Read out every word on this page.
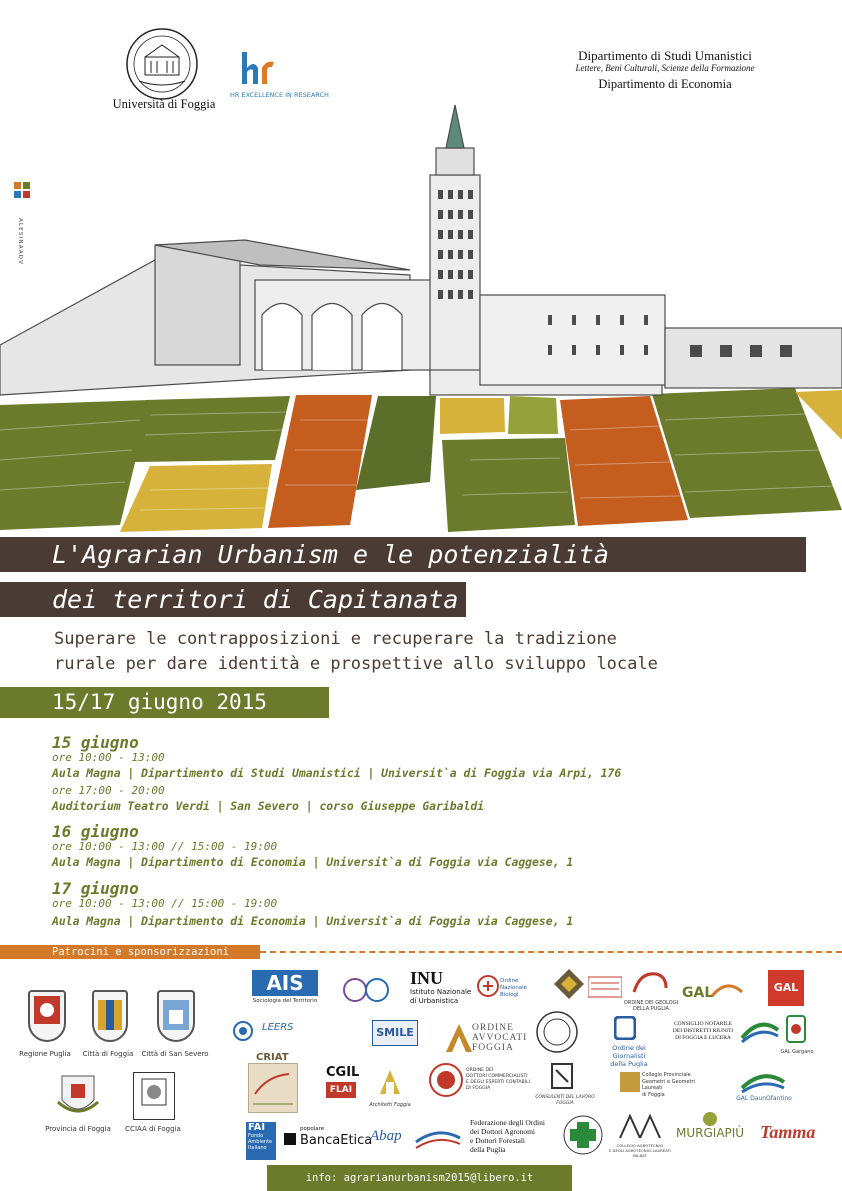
Università di Foggia
HR EXCELLENCE IN RESEARCH
Dipartimento di Studi Umanistici
Lettere, Beni Culturali, Scienze della Formazione
Dipartimento di Economia
ALESINAADV
L'Agrarian Urbanism e le potenzialità
dei territori di Capitanata
Superare le contrapposizioni e recuperare la tradizione
rurale per dare identità e prospettive allo sviluppo locale
15/17 giugno 2015
15 giugno
ore 10:00 - 13:00
Aula Magna | Dipartimento di Studi Umanistici | Universit`a di Foggia via Arpi, 176
ore 17:00 - 20:00
Auditorium Teatro Verdi | San Severo | corso Giuseppe Garibaldi
16 giugno
ore 10:00 - 13:00 // 15:00 - 19:00
Aula Magna | Dipartimento di Economia | Universit`a di Foggia via Caggese, 1
17 giugno
ore 10:00 - 13:00 // 15:00 - 19:00
Aula Magna | Dipartimento di Economia | Universit`a di Foggia via Caggese, 1
Patrocini e sponsorizzazioni
Regione Puglia	Città di Foggia	Città di San Severo
Provincia di Foggia	CCIAA di Foggia
AIS
Sociologia del Territorio
INU
Istituto Nazionale
di Urbanistica
Ordine Nazionale Biologi
ORDINE DEI GEOLOGI DELLA PUGLIA
GAL	GAL
LEERS	SMILE	ORDINE
AVVOCATI
FOGGIA	Ordine dei Giornalisti
della Puglia
CONSIGLIO NOTARILE
DEI DISTRETTI RIUNITI
DI FOGGIA E LUCERA
GAL Gargano
CRIAT
CGIL
FLAI
Architetti Foggia
ORDINE DEI
DOTTORI COMMERCIALISTI
E DEGLI ESPERTI CONTABILI
DI FOGGIA
CONSULENTI DEL LAVORO
FOGGIA
Collegio Provinciale
Geometri e Geometri Laureati
di Foggia
GAL DaunOfantino
FAI
Fondo
Ambiente
Italiano
popolare
BancaEtica
Abap
Federazione degli Ordini
dei Dottori Agronomi
e Dottori Forestali
della Puglia	COLLEGIO AGROTECNICI
E DEGLI AGROTECNICI LAUREATI
BA-BAT
MURGIAPIÙ Tamma
info: agrarianurbanism2015@libero.it
